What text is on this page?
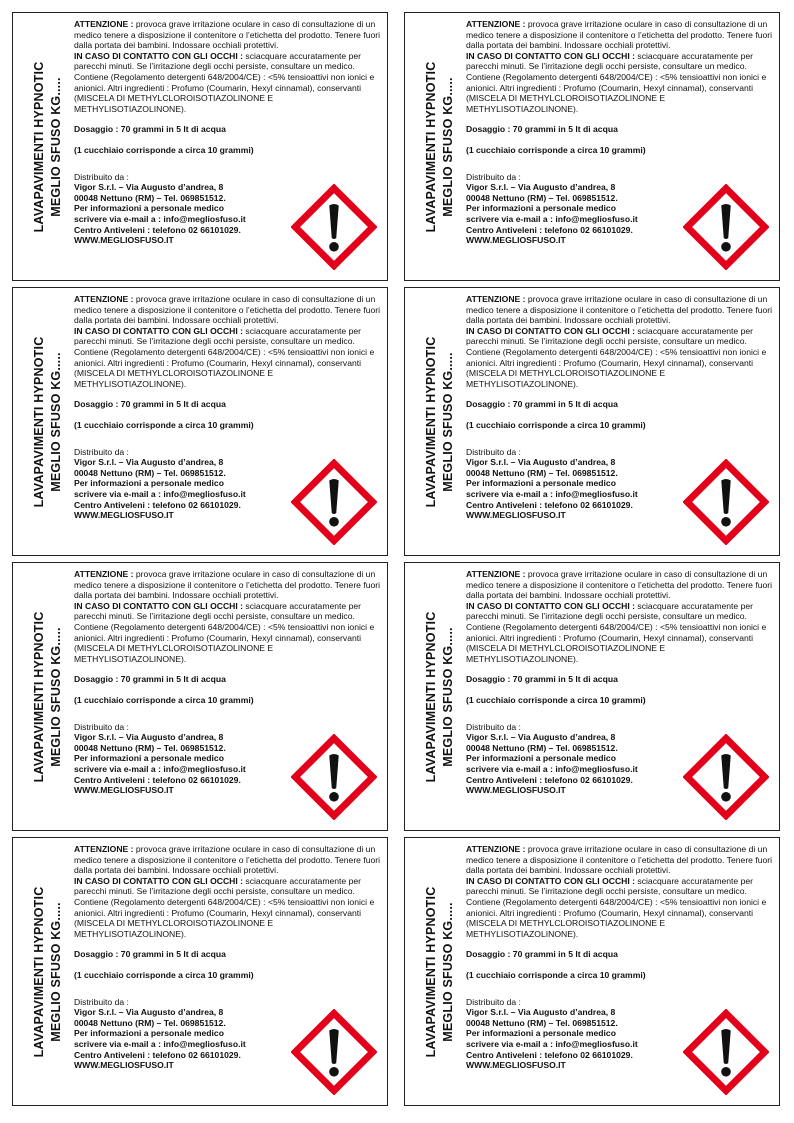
LAVAPAVIMENTI HYPNOTIC MEGLIO SFUSO KG.....

ATTENZIONE : provoca grave irritazione oculare in caso di consultazione di un medico tenere a disposizione il contenitore o l’etichetta del prodotto. Tenere fuori dalla portata dei bambini. Indossare occhiali protettivi.

IN CASO DI CONTATTO CON GLI OCCHI : sciacquare accuratamente per parecchi minuti. Se l’irritazione degli occhi persiste, consultare un medico. Contiene (Regolamento detergenti 648/2004/CE) : <5% tensioattivi non ionici e anionici. Altri ingredienti : Profumo (Coumarin, Hexyl cinnamal), conservanti (MISCELA DI METHYLCLOROISOTIAZOLINONE E METHYLISOTIAZOLINONE).

Dosaggio : 70 grammi in 5 lt di acqua

(1 cucchiaio corrisponde a circa 10 grammi)

Distribuito da :

Vigor S.r.l. – Via Augusto d’andrea, 8

00048 Nettuno (RM) – Tel. 069851512.

Per informazioni a personale medico

scrivere via e-mail a : info@megliosfuso.it

Centro Antiveleni : telefono 02 66101029.

WWW.MEGLIOSFUSO.IT

LAVAPAVIMENTI HYPNOTIC MEGLIO SFUSO KG.....

ATTENZIONE : provoca grave irritazione oculare in caso di consultazione di un medico tenere a disposizione il contenitore o l’etichetta del prodotto. Tenere fuori dalla portata dei bambini. Indossare occhiali protettivi.

IN CASO DI CONTATTO CON GLI OCCHI : sciacquare accuratamente per parecchi minuti. Se l’irritazione degli occhi persiste, consultare un medico. Contiene (Regolamento detergenti 648/2004/CE) : <5% tensioattivi non ionici e anionici. Altri ingredienti : Profumo (Coumarin, Hexyl cinnamal), conservanti (MISCELA DI METHYLCLOROISOTIAZOLINONE E METHYLISOTIAZOLINONE).

Dosaggio : 70 grammi in 5 lt di acqua

(1 cucchiaio corrisponde a circa 10 grammi)

Distribuito da :

Vigor S.r.l. – Via Augusto d’andrea, 8

00048 Nettuno (RM) – Tel. 069851512.

Per informazioni a personale medico

scrivere via e-mail a : info@megliosfuso.it

Centro Antiveleni : telefono 02 66101029.

WWW.MEGLIOSFUSO.IT

LAVAPAVIMENTI HYPNOTIC MEGLIO SFUSO KG.....

ATTENZIONE : provoca grave irritazione oculare in caso di consultazione di un medico tenere a disposizione il contenitore o l’etichetta del prodotto. Tenere fuori dalla portata dei bambini. Indossare occhiali protettivi.

IN CASO DI CONTATTO CON GLI OCCHI : sciacquare accuratamente per parecchi minuti. Se l’irritazione degli occhi persiste, consultare un medico. Contiene (Regolamento detergenti 648/2004/CE) : <5% tensioattivi non ionici e anionici. Altri ingredienti : Profumo (Coumarin, Hexyl cinnamal), conservanti (MISCELA DI METHYLCLOROISOTIAZOLINONE E METHYLISOTIAZOLINONE).

Dosaggio : 70 grammi in 5 lt di acqua

(1 cucchiaio corrisponde a circa 10 grammi)

Distribuito da :

Vigor S.r.l. – Via Augusto d’andrea, 8

00048 Nettuno (RM) – Tel. 069851512.

Per informazioni a personale medico

scrivere via e-mail a : info@megliosfuso.it

Centro Antiveleni : telefono 02 66101029.

WWW.MEGLIOSFUSO.IT

LAVAPAVIMENTI HYPNOTIC MEGLIO SFUSO KG.....

ATTENZIONE : provoca grave irritazione oculare in caso di consultazione di un medico tenere a disposizione il contenitore o l’etichetta del prodotto. Tenere fuori dalla portata dei bambini. Indossare occhiali protettivi.

IN CASO DI CONTATTO CON GLI OCCHI : sciacquare accuratamente per parecchi minuti. Se l’irritazione degli occhi persiste, consultare un medico. Contiene (Regolamento detergenti 648/2004/CE) : <5% tensioattivi non ionici e anionici. Altri ingredienti : Profumo (Coumarin, Hexyl cinnamal), conservanti (MISCELA DI METHYLCLOROISOTIAZOLINONE E METHYLISOTIAZOLINONE).

Dosaggio : 70 grammi in 5 lt di acqua

(1 cucchiaio corrisponde a circa 10 grammi)

Distribuito da :

Vigor S.r.l. – Via Augusto d’andrea, 8

00048 Nettuno (RM) – Tel. 069851512.

Per informazioni a personale medico

scrivere via e-mail a : info@megliosfuso.it

Centro Antiveleni : telefono 02 66101029.

WWW.MEGLIOSFUSO.IT

LAVAPAVIMENTI HYPNOTIC MEGLIO SFUSO KG.....

ATTENZIONE : provoca grave irritazione oculare in caso di consultazione di un medico tenere a disposizione il contenitore o l’etichetta del prodotto. Tenere fuori dalla portata dei bambini. Indossare occhiali protettivi.

IN CASO DI CONTATTO CON GLI OCCHI : sciacquare accuratamente per parecchi minuti. Se l’irritazione degli occhi persiste, consultare un medico. Contiene (Regolamento detergenti 648/2004/CE) : <5% tensioattivi non ionici e anionici. Altri ingredienti : Profumo (Coumarin, Hexyl cinnamal), conservanti (MISCELA DI METHYLCLOROISOTIAZOLINONE E METHYLISOTIAZOLINONE).

Dosaggio : 70 grammi in 5 lt di acqua

(1 cucchiaio corrisponde a circa 10 grammi)

Distribuito da :

Vigor S.r.l. – Via Augusto d’andrea, 8

00048 Nettuno (RM) – Tel. 069851512.

Per informazioni a personale medico

scrivere via e-mail a : info@megliosfuso.it

Centro Antiveleni : telefono 02 66101029.

WWW.MEGLIOSFUSO.IT

LAVAPAVIMENTI HYPNOTIC MEGLIO SFUSO KG.....

ATTENZIONE : provoca grave irritazione oculare in caso di consultazione di un medico tenere a disposizione il contenitore o l’etichetta del prodotto. Tenere fuori dalla portata dei bambini. Indossare occhiali protettivi.

IN CASO DI CONTATTO CON GLI OCCHI : sciacquare accuratamente per parecchi minuti. Se l’irritazione degli occhi persiste, consultare un medico. Contiene (Regolamento detergenti 648/2004/CE) : <5% tensioattivi non ionici e anionici. Altri ingredienti : Profumo (Coumarin, Hexyl cinnamal), conservanti (MISCELA DI METHYLCLOROISOTIAZOLINONE E METHYLISOTIAZOLINONE).

Dosaggio : 70 grammi in 5 lt di acqua

(1 cucchiaio corrisponde a circa 10 grammi)

Distribuito da :

Vigor S.r.l. – Via Augusto d’andrea, 8

00048 Nettuno (RM) – Tel. 069851512.

Per informazioni a personale medico

scrivere via e-mail a : info@megliosfuso.it

Centro Antiveleni : telefono 02 66101029.

WWW.MEGLIOSFUSO.IT

LAVAPAVIMENTI HYPNOTIC MEGLIO SFUSO KG.....

ATTENZIONE : provoca grave irritazione oculare in caso di consultazione di un medico tenere a disposizione il contenitore o l’etichetta del prodotto. Tenere fuori dalla portata dei bambini. Indossare occhiali protettivi.

IN CASO DI CONTATTO CON GLI OCCHI : sciacquare accuratamente per parecchi minuti. Se l’irritazione degli occhi persiste, consultare un medico. Contiene (Regolamento detergenti 648/2004/CE) : <5% tensioattivi non ionici e anionici. Altri ingredienti : Profumo (Coumarin, Hexyl cinnamal), conservanti (MISCELA DI METHYLCLOROISOTIAZOLINONE E METHYLISOTIAZOLINONE).

Dosaggio : 70 grammi in 5 lt di acqua

(1 cucchiaio corrisponde a circa 10 grammi)

Distribuito da :

Vigor S.r.l. – Via Augusto d’andrea, 8

00048 Nettuno (RM) – Tel. 069851512.

Per informazioni a personale medico

scrivere via e-mail a : info@megliosfuso.it

Centro Antiveleni : telefono 02 66101029.

WWW.MEGLIOSFUSO.IT

LAVAPAVIMENTI HYPNOTIC MEGLIO SFUSO KG.....

ATTENZIONE : provoca grave irritazione oculare in caso di consultazione di un medico tenere a disposizione il contenitore o l’etichetta del prodotto. Tenere fuori dalla portata dei bambini. Indossare occhiali protettivi.

IN CASO DI CONTATTO CON GLI OCCHI : sciacquare accuratamente per parecchi minuti. Se l’irritazione degli occhi persiste, consultare un medico. Contiene (Regolamento detergenti 648/2004/CE) : <5% tensioattivi non ionici e anionici. Altri ingredienti : Profumo (Coumarin, Hexyl cinnamal), conservanti (MISCELA DI METHYLCLOROISOTIAZOLINONE E METHYLISOTIAZOLINONE).

Dosaggio : 70 grammi in 5 lt di acqua

(1 cucchiaio corrisponde a circa 10 grammi)

Distribuito da :

Vigor S.r.l. – Via Augusto d’andrea, 8

00048 Nettuno (RM) – Tel. 069851512.

Per informazioni a personale medico

scrivere via e-mail a : info@megliosfuso.it

Centro Antiveleni : telefono 02 66101029.

WWW.MEGLIOSFUSO.IT
